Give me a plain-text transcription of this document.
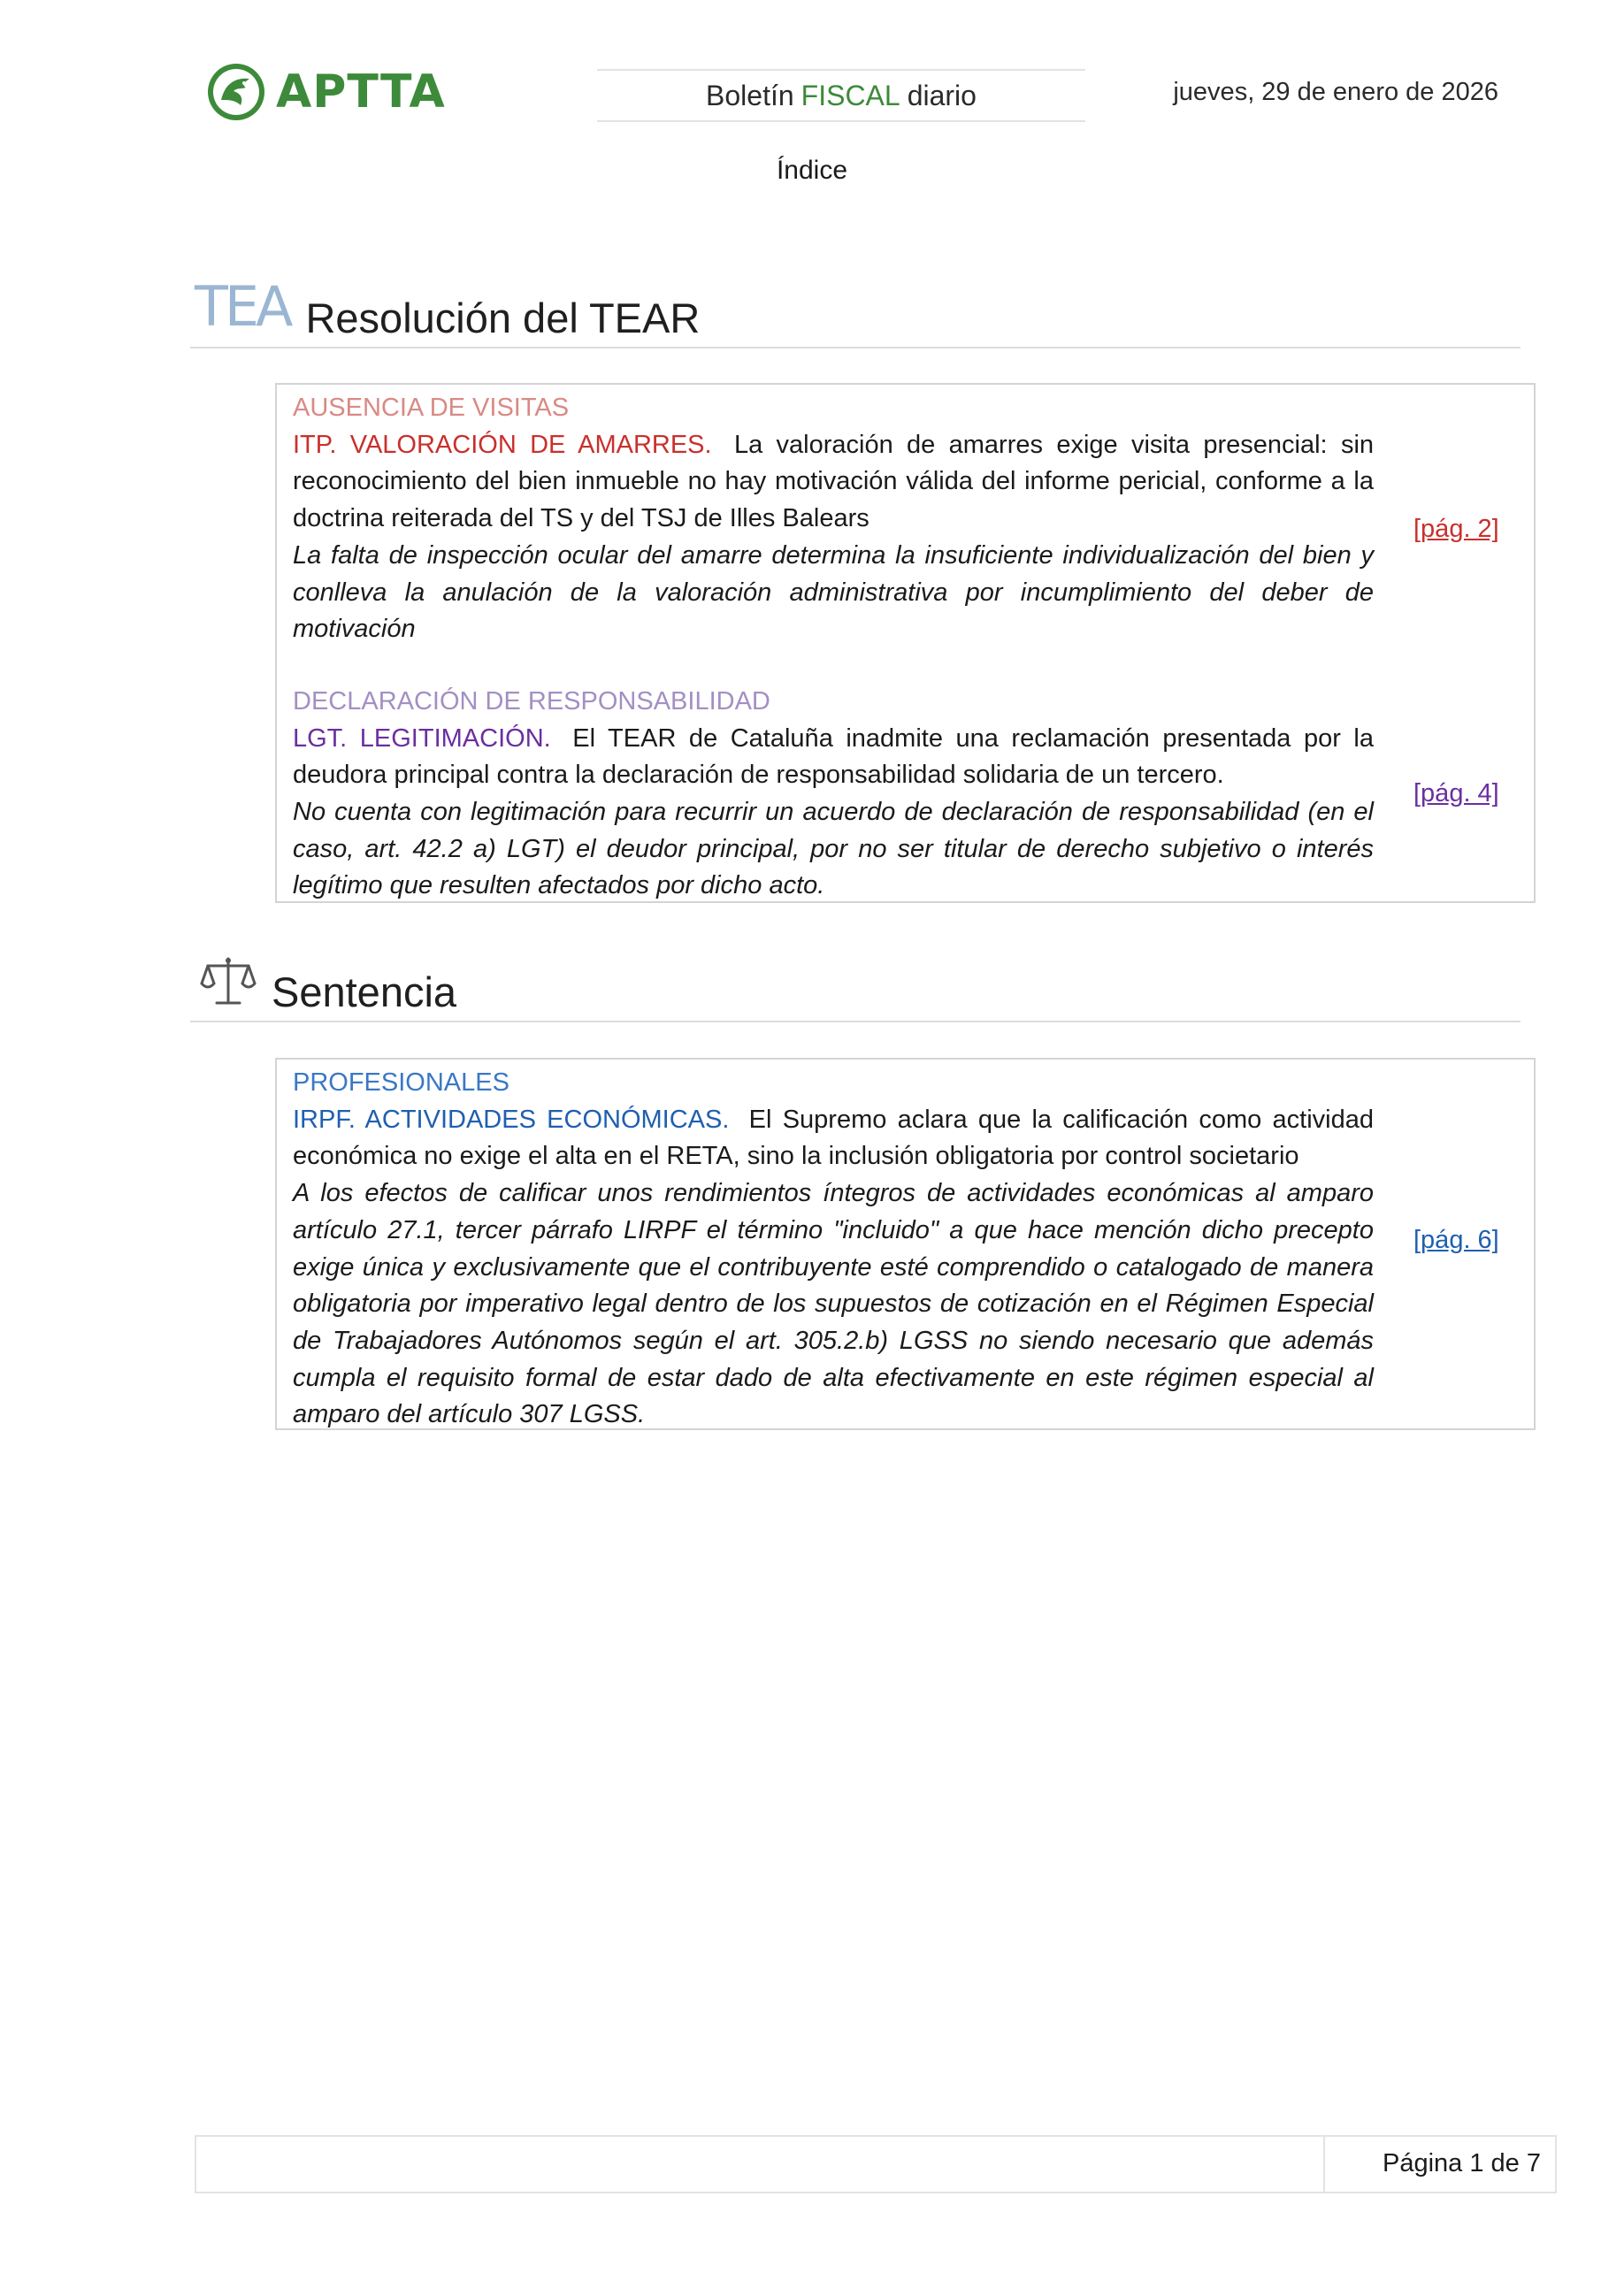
APTTA	Boletín FISCAL diario	jueves, 29 de enero de 2026
Índice
TEA Resolución del TEAR
AUSENCIA DE VISITAS
ITP. VALORACIÓN DE AMARRES. La valoración de amarres exige visita presencial: sin reconocimiento del bien inmueble no hay motivación válida del informe pericial, conforme a la doctrina reiterada del TS y del TSJ de Illes Balears
La falta de inspección ocular del amarre determina la insuficiente individualización del bien y conlleva la anulación de la valoración administrativa por incumplimiento del deber de motivación
[pág. 2]
DECLARACIÓN DE RESPONSABILIDAD
LGT. LEGITIMACIÓN. El TEAR de Cataluña inadmite una reclamación presentada por la deudora principal contra la declaración de responsabilidad solidaria de un tercero.
No cuenta con legitimación para recurrir un acuerdo de declaración de responsabilidad (en el caso, art. 42.2 a) LGT) el deudor principal, por no ser titular de derecho subjetivo o interés legítimo que resulten afectados por dicho acto.
[pág. 4]
Sentencia
PROFESIONALES
IRPF. ACTIVIDADES ECONÓMICAS. El Supremo aclara que la calificación como actividad económica no exige el alta en el RETA, sino la inclusión obligatoria por control societario
A los efectos de calificar unos rendimientos íntegros de actividades económicas al amparo artículo 27.1, tercer párrafo LIRPF el término "incluido" a que hace mención dicho precepto exige única y exclusivamente que el contribuyente esté comprendido o catalogado de manera obligatoria por imperativo legal dentro de los supuestos de cotización en el Régimen Especial de Trabajadores Autónomos según el art. 305.2.b) LGSS no siendo necesario que además cumpla el requisito formal de estar dado de alta efectivamente en este régimen especial al amparo del artículo 307 LGSS.
[pág. 6]
Página 1 de 7
